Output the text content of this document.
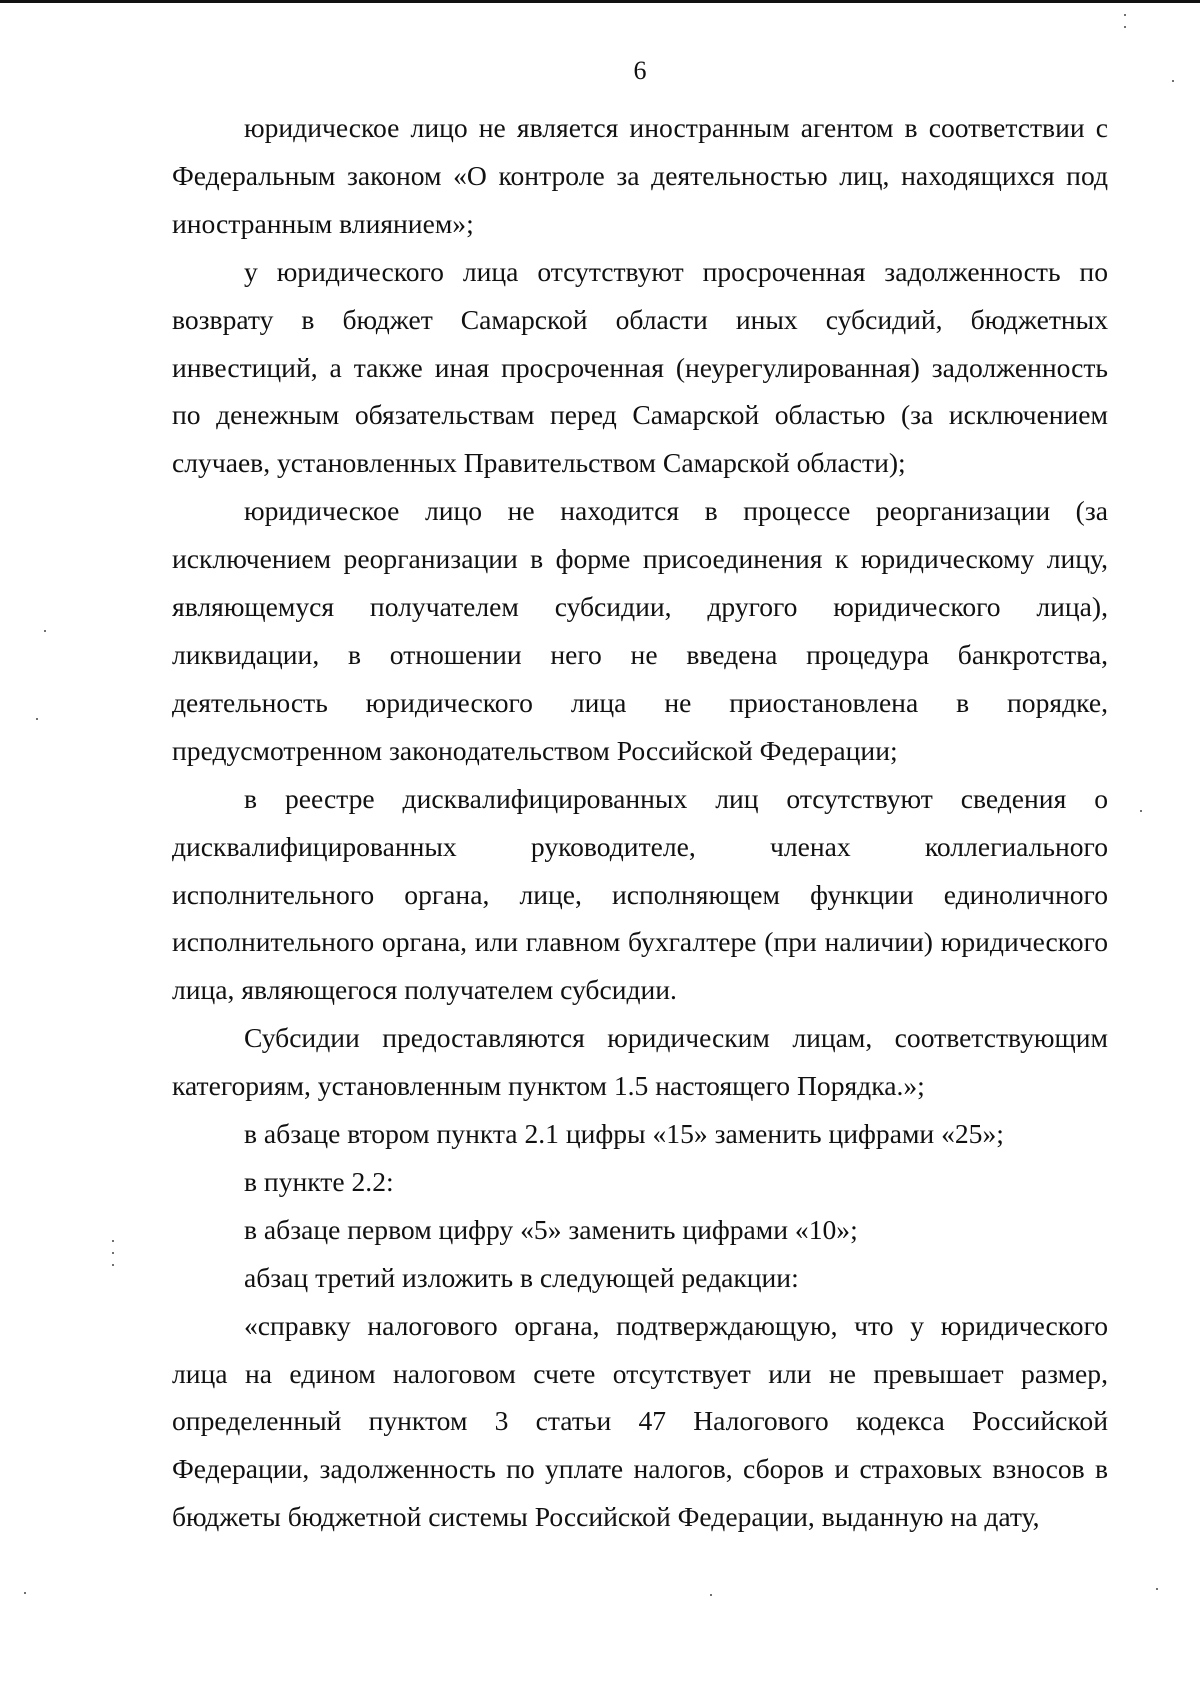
6

юридическое лицо не является иностранным агентом в соответствии с Федеральным законом «О контроле за деятельностью лиц, находящихся под иностранным влиянием»;

у юридического лица отсутствуют просроченная задолженность по возврату в бюджет Самарской области иных субсидий, бюджетных инвестиций, а также иная просроченная (неурегулированная) задолженность по денежным обязательствам перед Самарской областью (за исключением случаев, установленных Правительством Самарской области);

юридическое лицо не находится в процессе реорганизации (за исключением реорганизации в форме присоединения к юридическому лицу, являющемуся получателем субсидии, другого юридического лица), ликвидации, в отношении него не введена процедура банкротства, деятельность юридического лица не приостановлена в порядке, предусмотренном законодательством Российской Федерации;

в реестре дисквалифицированных лиц отсутствуют сведения о дисквалифицированных руководителе, членах коллегиального исполнительного органа, лице, исполняющем функции единоличного исполнительного органа, или главном бухгалтере (при наличии) юридического лица, являющегося получателем субсидии.

Субсидии предоставляются юридическим лицам, соответствующим категориям, установленным пунктом 1.5 настоящего Порядка.»;

в абзаце втором пункта 2.1 цифры «15» заменить цифрами «25»;

в пункте 2.2:

в абзаце первом цифру «5» заменить цифрами «10»;

абзац третий изложить в следующей редакции:

«справку налогового органа, подтверждающую, что у юридического лица на едином налоговом счете отсутствует или не превышает размер, определенный пунктом 3 статьи 47 Налогового кодекса Российской Федерации, задолженность по уплате налогов, сборов и страховых взносов в бюджеты бюджетной системы Российской Федерации, выданную на дату,
